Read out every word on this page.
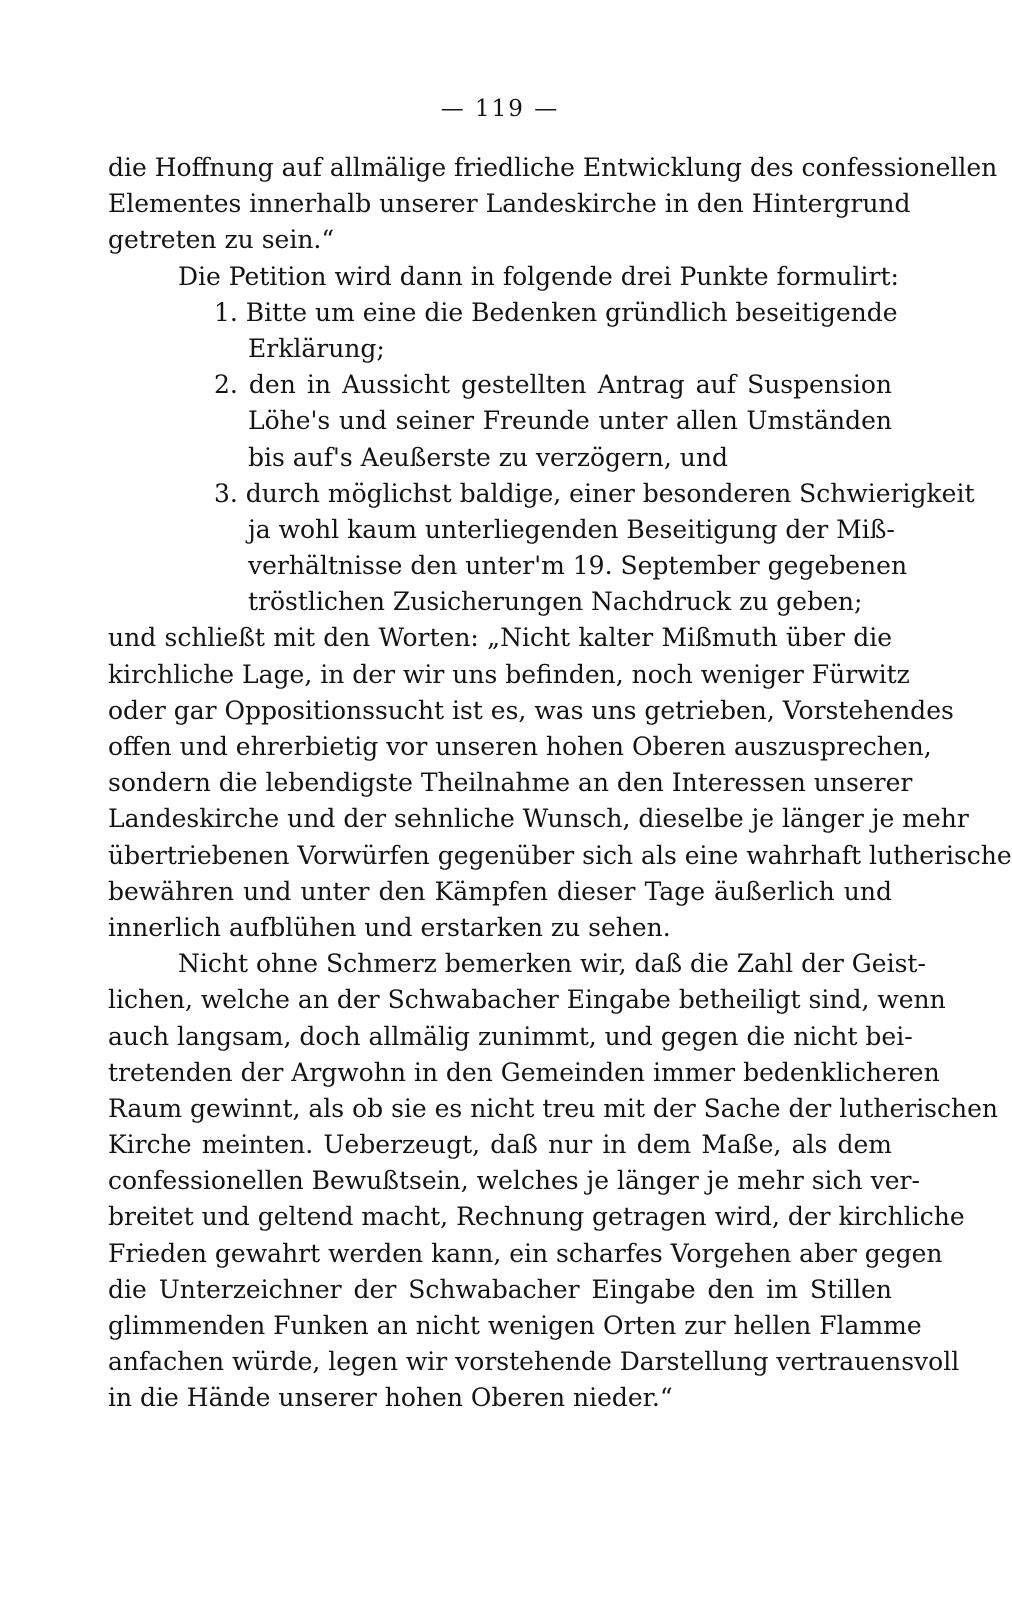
— 119 —
die Hoffnung auf allmälige friedliche Entwicklung des confessionellen
Elementes innerhalb unserer Landeskirche in den Hintergrund
getreten zu sein.“
Die Petition wird dann in folgende drei Punkte formulirt:
1. Bitte um eine die Bedenken gründlich beseitigende
Erklärung;
2. den in Aussicht gestellten Antrag auf Suspension
Löhe's und seiner Freunde unter allen Umständen
bis auf's Aeußerste zu verzögern, und
3. durch möglichst baldige, einer besonderen Schwierigkeit
ja wohl kaum unterliegenden Beseitigung der Miß-
verhältnisse den unter'm 19. September gegebenen
tröstlichen Zusicherungen Nachdruck zu geben;
und schließt mit den Worten: „Nicht kalter Mißmuth über die
kirchliche Lage, in der wir uns befinden, noch weniger Fürwitz
oder gar Oppositionssucht ist es, was uns getrieben, Vorstehendes
offen und ehrerbietig vor unseren hohen Oberen auszusprechen,
sondern die lebendigste Theilnahme an den Interessen unserer
Landeskirche und der sehnliche Wunsch, dieselbe je länger je mehr
übertriebenen Vorwürfen gegenüber sich als eine wahrhaft lutherische
bewähren und unter den Kämpfen dieser Tage äußerlich und
innerlich aufblühen und erstarken zu sehen.
Nicht ohne Schmerz bemerken wir, daß die Zahl der Geist-
lichen, welche an der Schwabacher Eingabe betheiligt sind, wenn
auch langsam, doch allmälig zunimmt, und gegen die nicht bei-
tretenden der Argwohn in den Gemeinden immer bedenklicheren
Raum gewinnt, als ob sie es nicht treu mit der Sache der lutherischen
Kirche meinten. Ueberzeugt, daß nur in dem Maße, als dem
confessionellen Bewußtsein, welches je länger je mehr sich ver-
breitet und geltend macht, Rechnung getragen wird, der kirchliche
Frieden gewahrt werden kann, ein scharfes Vorgehen aber gegen
die Unterzeichner der Schwabacher Eingabe den im Stillen
glimmenden Funken an nicht wenigen Orten zur hellen Flamme
anfachen würde, legen wir vorstehende Darstellung vertrauensvoll
in die Hände unserer hohen Oberen nieder.“
